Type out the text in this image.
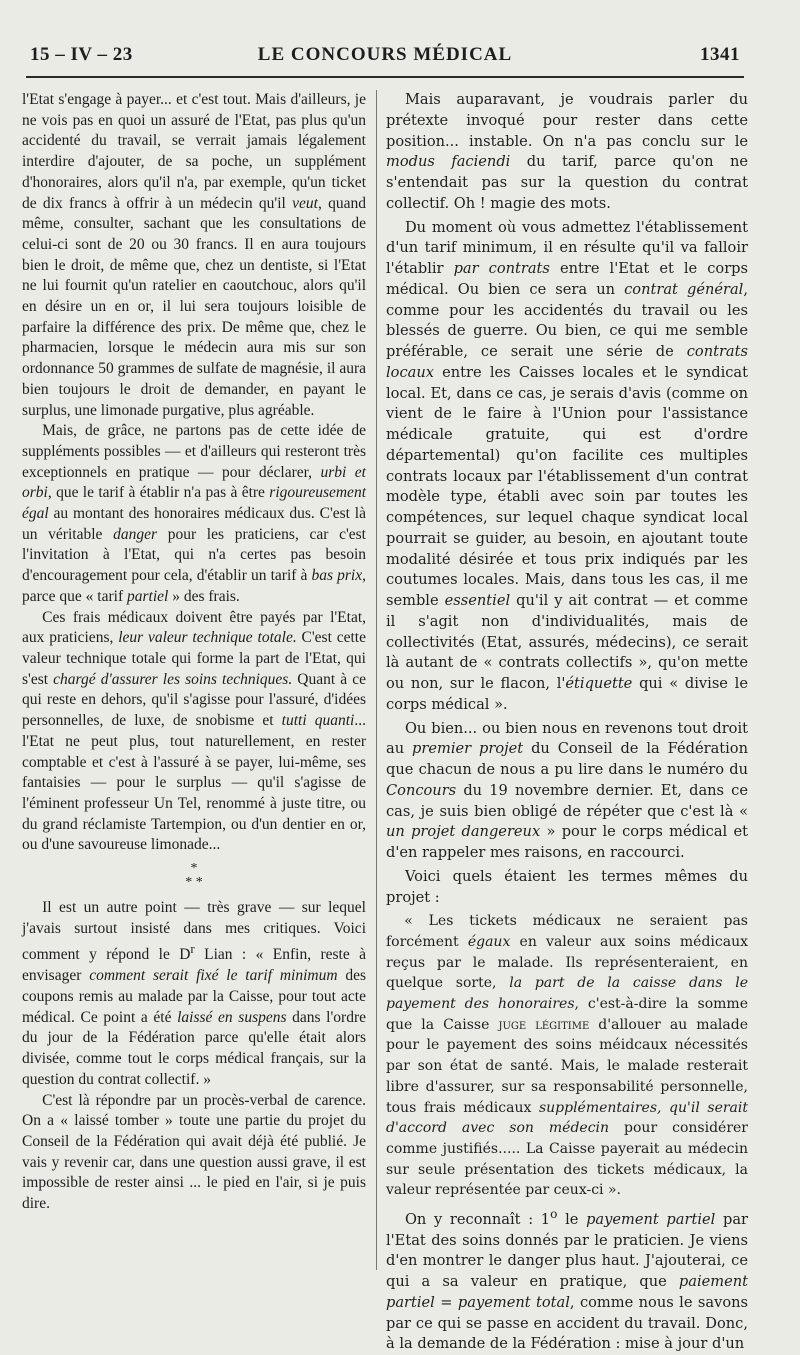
15 – IV – 23	LE CONCOURS MÉDICAL	1341

l'Etat s'engage à payer... et c'est tout. Mais d'ailleurs, je ne vois pas en quoi un assuré de l'Etat, pas plus qu'un accidenté du travail, se verrait jamais légalement interdire d'ajouter, de sa poche, un supplément d'honoraires, alors qu'il n'a, par exemple, qu'un ticket de dix francs à offrir à un médecin qu'il veut, quand même, consulter, sachant que les consultations de celui-ci sont de 20 ou 30 francs. Il en aura toujours bien le droit, de même que, chez un dentiste, si l'Etat ne lui fournit qu'un ratelier en caoutchouc, alors qu'il en désire un en or, il lui sera toujours loisible de parfaire la différence des prix. De même que, chez le pharmacien, lorsque le médecin aura mis sur son ordonnance 50 grammes de sulfate de magnésie, il aura bien toujours le droit de demander, en payant le surplus, une limonade purgative, plus agréable.

Mais, de grâce, ne partons pas de cette idée de suppléments possibles — et d'ailleurs qui resteront très exceptionnels en pratique — pour déclarer, urbi et orbi, que le tarif à établir n'a pas à être rigoureusement égal au montant des honoraires médicaux dus. C'est là un véritable danger pour les praticiens, car c'est l'invitation à l'Etat, qui n'a certes pas besoin d'encouragement pour cela, d'établir un tarif à bas prix, parce que « tarif partiel » des frais.

Ces frais médicaux doivent être payés par l'Etat, aux praticiens, leur valeur technique totale. C'est cette valeur technique totale qui forme la part de l'Etat, qui s'est chargé d'assurer les soins techniques. Quant à ce qui reste en dehors, qu'il s'agisse pour l'assuré, d'idées personnelles, de luxe, de snobisme et tutti quanti... l'Etat ne peut plus, tout naturellement, en rester comptable et c'est à l'assuré à se payer, lui-même, ses fantaisies — pour le surplus — qu'il s'agisse de l'éminent professeur Un Tel, renommé à juste titre, ou du grand réclamiste Tartempion, ou d'un dentier en or, ou d'une savoureuse limonade...

*
* *

Il est un autre point — très grave — sur lequel j'avais surtout insisté dans mes critiques. Voici comment y répond le $D^r$ Lian : « Enfin, reste à envisager comment serait fixé le tarif minimum des coupons remis au malade par la Caisse, pour tout acte médical. Ce point a été laissé en suspens dans l'ordre du jour de la Fédération parce qu'elle était alors divisée, comme tout le corps médical français, sur la question du contrat collectif. »

C'est là répondre par un procès-verbal de carence. On a « laissé tomber » toute une partie du projet du Conseil de la Fédération qui avait déjà été publié. Je vais y revenir car, dans une question aussi grave, il est impossible de rester ainsi ... le pied en l'air, si je puis dire.

Mais auparavant, je voudrais parler du prétexte invoqué pour rester dans cette position... instable. On n'a pas conclu sur le modus faciendi du tarif, parce qu'on ne s'entendait pas sur la question du contrat collectif. Oh ! magie des mots.

Du moment où vous admettez l'établissement d'un tarif minimum, il en résulte qu'il va falloir l'établir par contrats entre l'Etat et le corps médical. Ou bien ce sera un contrat général, comme pour les accidentés du travail ou les blessés de guerre. Ou bien, ce qui me semble préférable, ce serait une série de contrats locaux entre les Caisses locales et le syndicat local. Et, dans ce cas, je serais d'avis (comme on vient de le faire à l'Union pour l'assistance médicale gratuite, qui est d'ordre départemental) qu'on facilite ces multiples contrats locaux par l'établissement d'un contrat modèle type, établi avec soin par toutes les compétences, sur lequel chaque syndicat local pourrait se guider, au besoin, en ajoutant toute modalité désirée et tous prix indiqués par les coutumes locales. Mais, dans tous les cas, il me semble essentiel qu'il y ait contrat — et comme il s'agit non d'individualités, mais de collectivités (Etat, assurés, médecins), ce serait là autant de « contrats collectifs », qu'on mette ou non, sur le flacon, l'étiquette qui « divise le corps médical ».

Ou bien... ou bien nous en revenons tout droit au premier projet du Conseil de la Fédération que chacun de nous a pu lire dans le numéro du Concours du 19 novembre dernier. Et, dans ce cas, je suis bien obligé de répéter que c'est là « un projet dangereux » pour le corps médical et d'en rappeler mes raisons, en raccourci.

Voici quels étaient les termes mêmes du projet :

« Les tickets médicaux ne seraient pas forcément égaux en valeur aux soins médicaux reçus par le malade. Ils représenteraient, en quelque sorte, la part de la caisse dans le payement des honoraires, c'est-à-dire la somme que la Caisse juge légitime d'allouer au malade pour le payement des soins méidcaux nécessités par son état de santé. Mais, le malade resterait libre d'assurer, sur sa responsabilité personnelle, tous frais médicaux supplémentaires, qu'il serait d'accord avec son médecin pour considérer comme justifiés..... La Caisse payerait au médecin sur seule présentation des tickets médicaux, la valeur représentée par ceux-ci ».

On y reconnaît : 1$^o$ le payement partiel par l'Etat des soins donnés par le praticien. Je viens d'en montrer le danger plus haut. J'ajouterai, ce qui a sa valeur en pratique, que paiement partiel = payement total, comme nous le savons par ce qui se passe en accident du travail. Donc, à la demande de la Fédération : mise à jour d'un
